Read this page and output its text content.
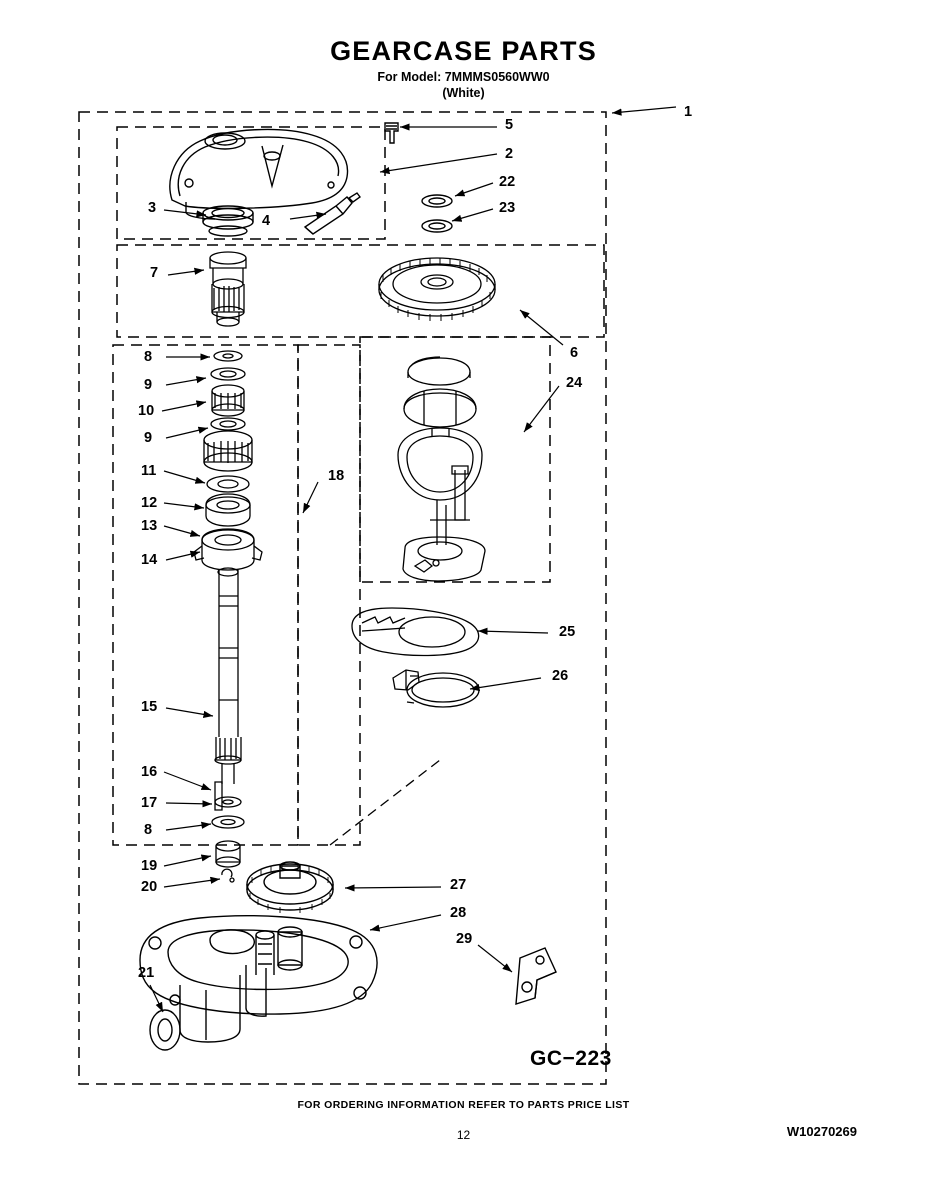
GEARCASE PARTS
For Model: 7MMMS0560WW0
(White)
1
5
2
22
23
3
4
7
6
8
24
9
10
9
18
11
12
13
14
25
26
15
16
17
8
19
20	27
28
29
21
GC−223
FOR ORDERING INFORMATION REFER TO PARTS PRICE LIST
12	W10270269
